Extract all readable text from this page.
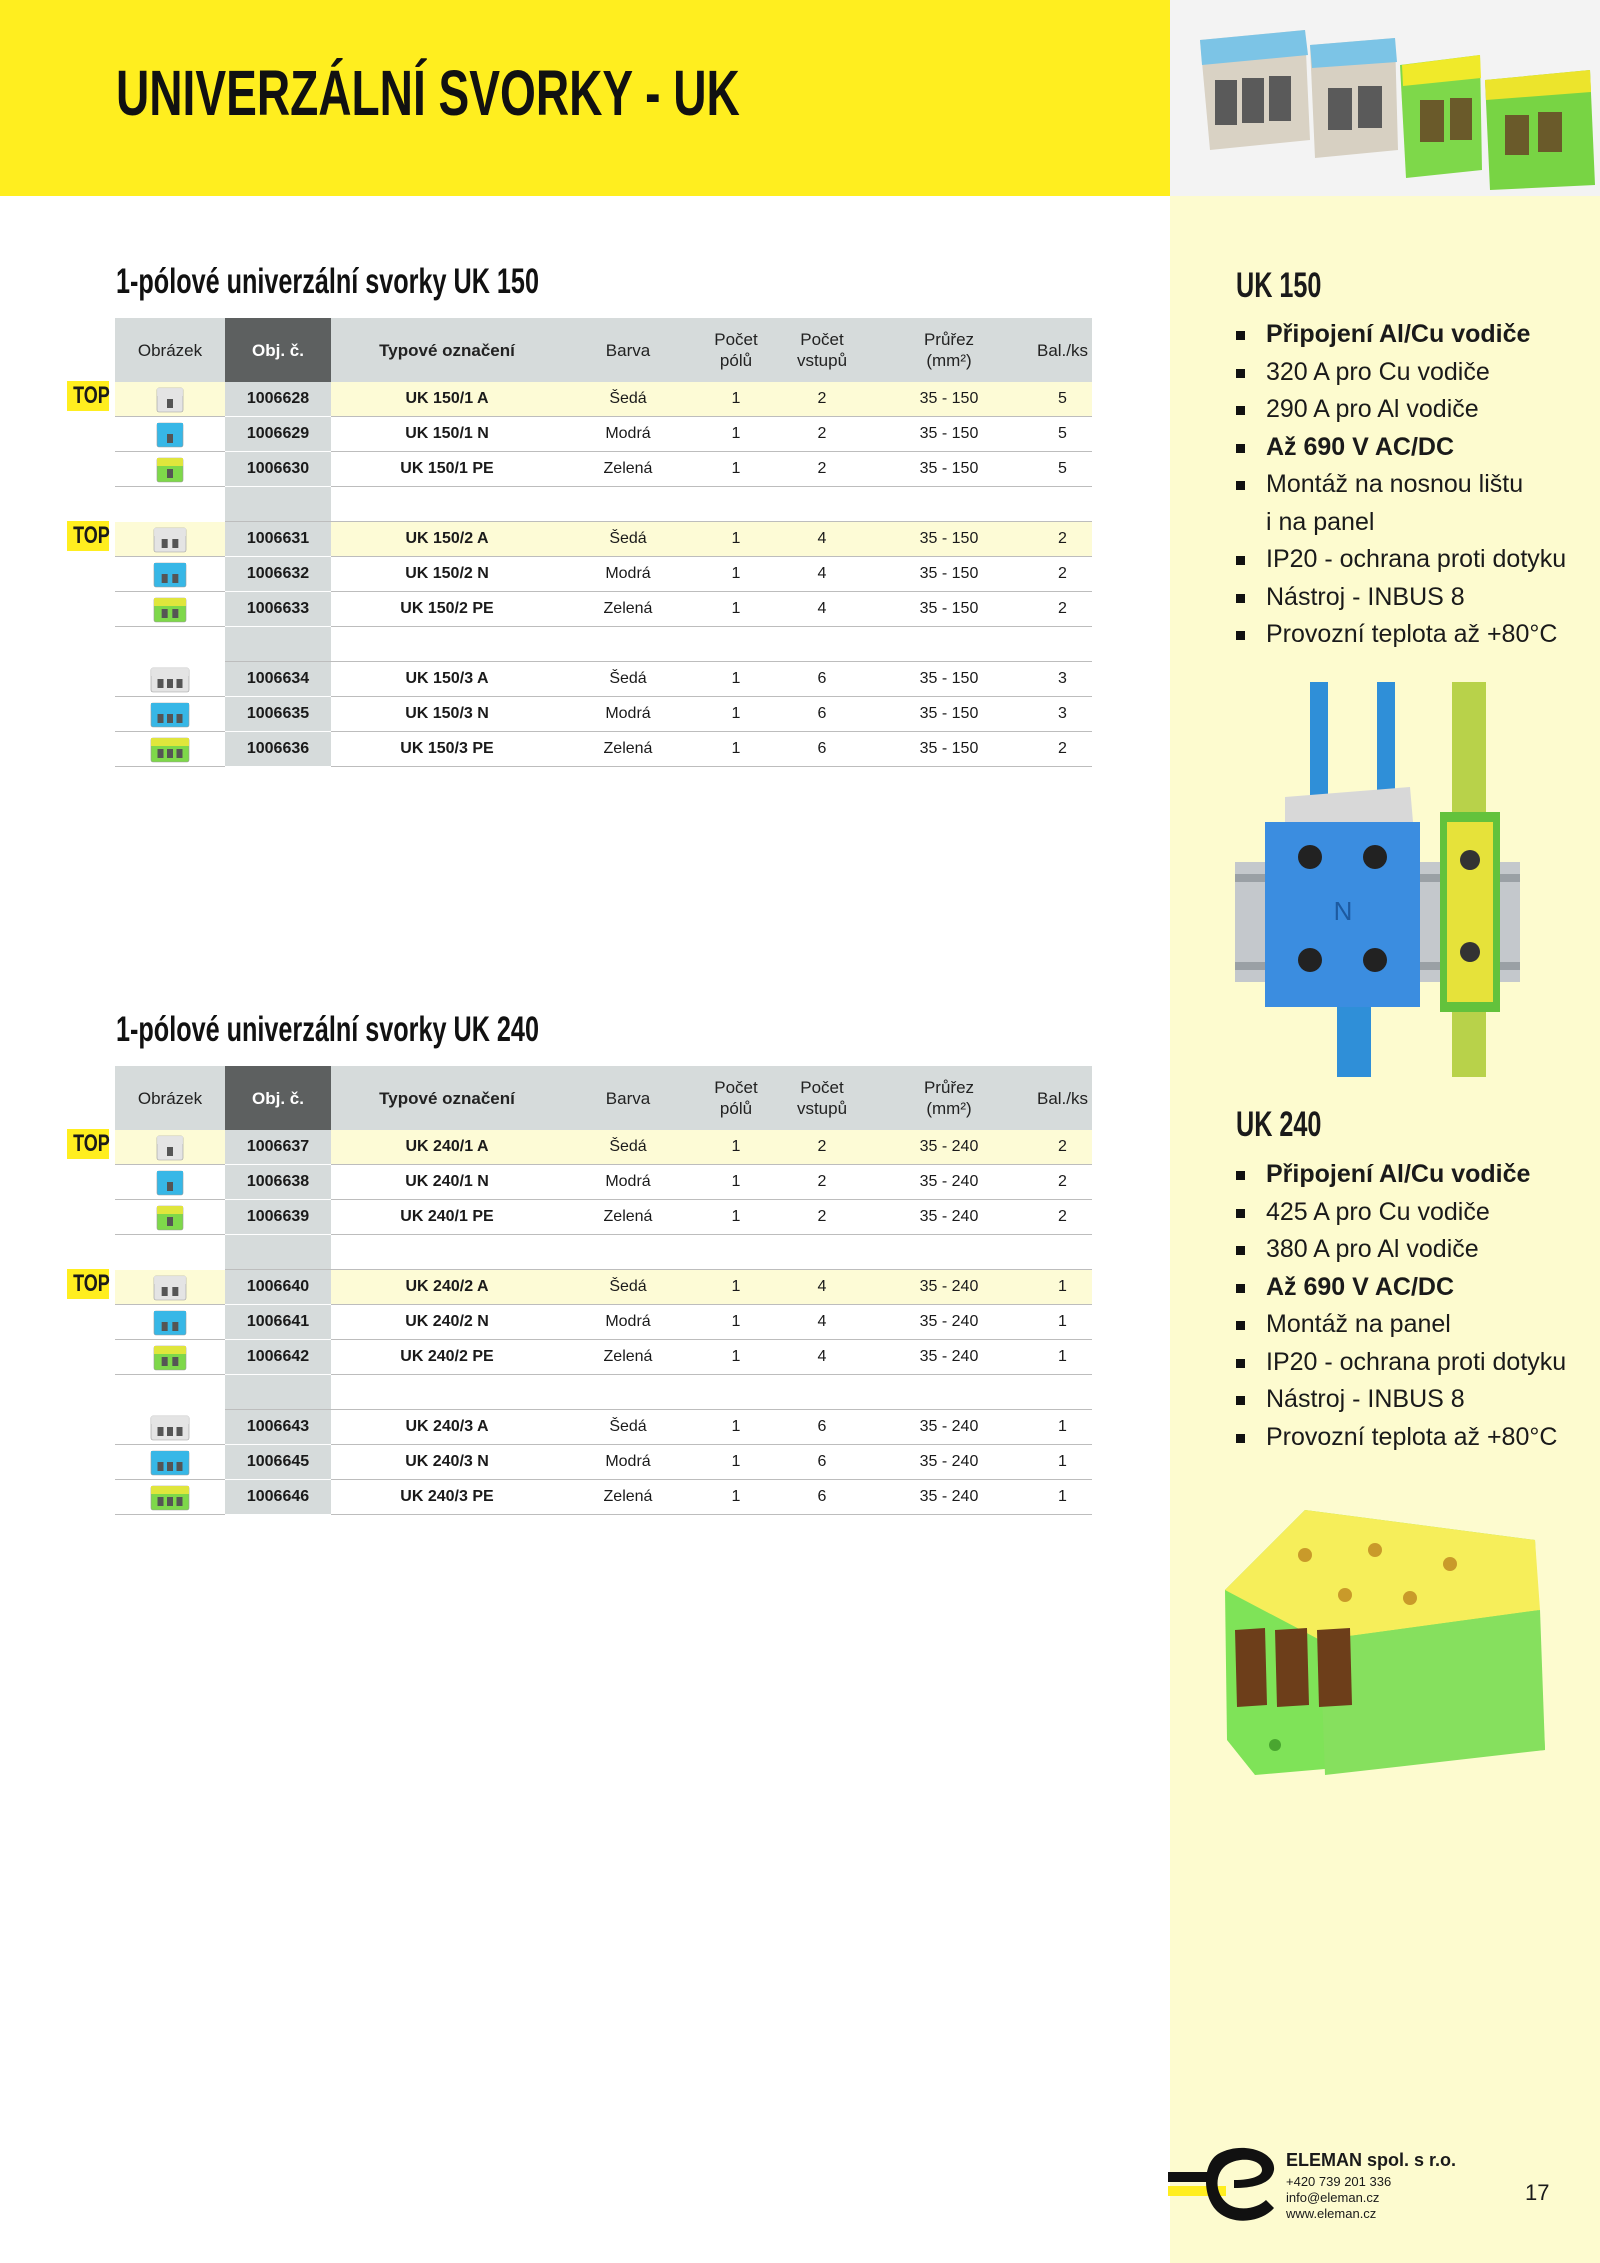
UNIVERZÁLNÍ SVORKY - UK
UK 150
Připojení Al/Cu vodiče
320 A pro Cu vodiče
290 A pro Al vodiče
Až 690 V AC/DC
Montáž na nosnou lištu
i na panel
IP20 - ochrana proti dotyku
Nástroj - INBUS 8
Provozní teplota až +80°C
N
UK 240
Připojení Al/Cu vodiče
425 A pro Cu vodiče
380 A pro Al vodiče
Až 690 V AC/DC
Montáž na panel
IP20 - ochrana proti dotyku
Nástroj - INBUS 8
Provozní teplota až +80°C
1-pólové univerzální svorky UK 150
Obrázek	Obj. č.	Typové označení	Barva	Počet
pólů	Počet
vstupů	Průřez
(mm²)	Bal./ks
	1006628	UK 150/1 A	Šedá	1	2	35 - 150	5
	1006629	UK 150/1 N	Modrá	1	2	35 - 150	5
	1006630	UK 150/1 PE	Zelená	1	2	35 - 150	5

	1006631	UK 150/2 A	Šedá	1	4	35 - 150	2
	1006632	UK 150/2 N	Modrá	1	4	35 - 150	2
	1006633	UK 150/2 PE	Zelená	1	4	35 - 150	2

	1006634	UK 150/3 A	Šedá	1	6	35 - 150	3
	1006635	UK 150/3 N	Modrá	1	6	35 - 150	3
	1006636	UK 150/3 PE	Zelená	1	6	35 - 150	2
1-pólové univerzální svorky UK 240
Obrázek	Obj. č.	Typové označení	Barva	Počet
pólů	Počet
vstupů	Průřez
(mm²)	Bal./ks
	1006637	UK 240/1 A	Šedá	1	2	35 - 240	2
	1006638	UK 240/1 N	Modrá	1	2	35 - 240	2
	1006639	UK 240/1 PE	Zelená	1	2	35 - 240	2

	1006640	UK 240/2 A	Šedá	1	4	35 - 240	1
	1006641	UK 240/2 N	Modrá	1	4	35 - 240	1
	1006642	UK 240/2 PE	Zelená	1	4	35 - 240	1

	1006643	UK 240/3 A	Šedá	1	6	35 - 240	1
	1006645	UK 240/3 N	Modrá	1	6	35 - 240	1
	1006646	UK 240/3 PE	Zelená	1	6	35 - 240	1
TOP
TOP
TOP
TOP
ELEMAN spol. s r.o.
+420 739 201 336
info@eleman.cz
www.eleman.cz
17
